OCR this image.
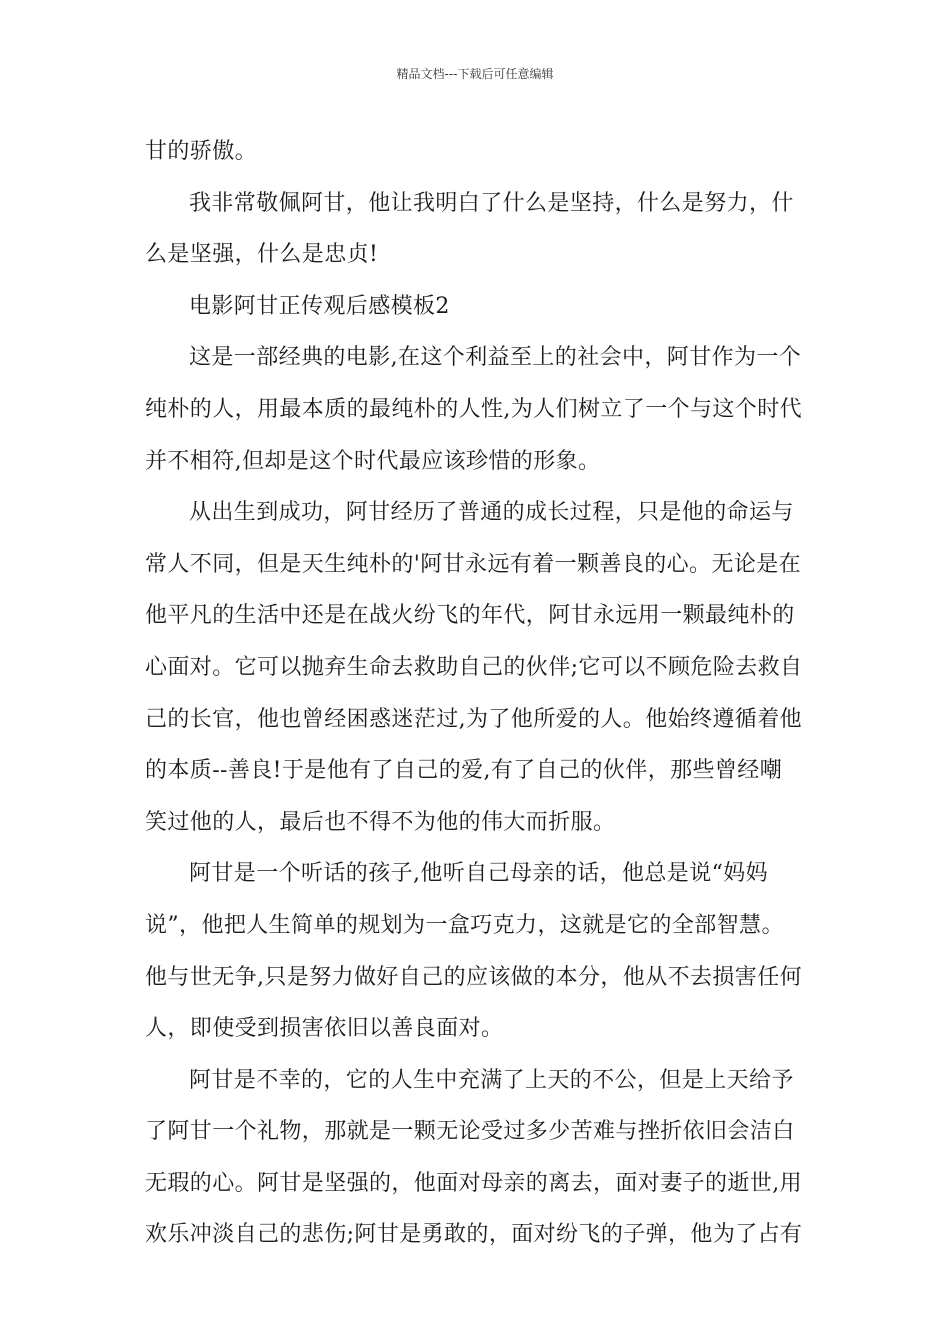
精品文档---下载后可任意编辑
甘的骄傲。
我非常敬佩阿甘，他让我明白了什么是坚持，什么是努力，什
么是坚强，什么是忠贞!
电影阿甘正传观后感模板2
这是一部经典的电影,在这个利益至上的社会中，阿甘作为一个
纯朴的人，用最本质的最纯朴的人性,为人们树立了一个与这个时代
并不相符,但却是这个时代最应该珍惜的形象。
从出生到成功，阿甘经历了普通的成长过程，只是他的命运与
常人不同，但是天生纯朴的'阿甘永远有着一颗善良的心。无论是在
他平凡的生活中还是在战火纷飞的年代，阿甘永远用一颗最纯朴的
心面对。它可以抛弃生命去救助自己的伙伴;它可以不顾危险去救自
己的长官，他也曾经困惑迷茫过,为了他所爱的人。他始终遵循着他
的本质--善良!于是他有了自己的爱,有了自己的伙伴，那些曾经嘲
笑过他的人，最后也不得不为他的伟大而折服。
阿甘是一个听话的孩子,他听自己母亲的话，他总是说“妈妈
说”，他把人生简单的规划为一盒巧克力，这就是它的全部智慧。
他与世无争,只是努力做好自己的应该做的本分，他从不去损害任何
人，即使受到损害依旧以善良面对。
阿甘是不幸的，它的人生中充满了上天的不公，但是上天给予
了阿甘一个礼物，那就是一颗无论受过多少苦难与挫折依旧会洁白
无瑕的心。阿甘是坚强的，他面对母亲的离去，面对妻子的逝世,用
欢乐冲淡自己的悲伤;阿甘是勇敢的，面对纷飞的子弹，他为了占有
